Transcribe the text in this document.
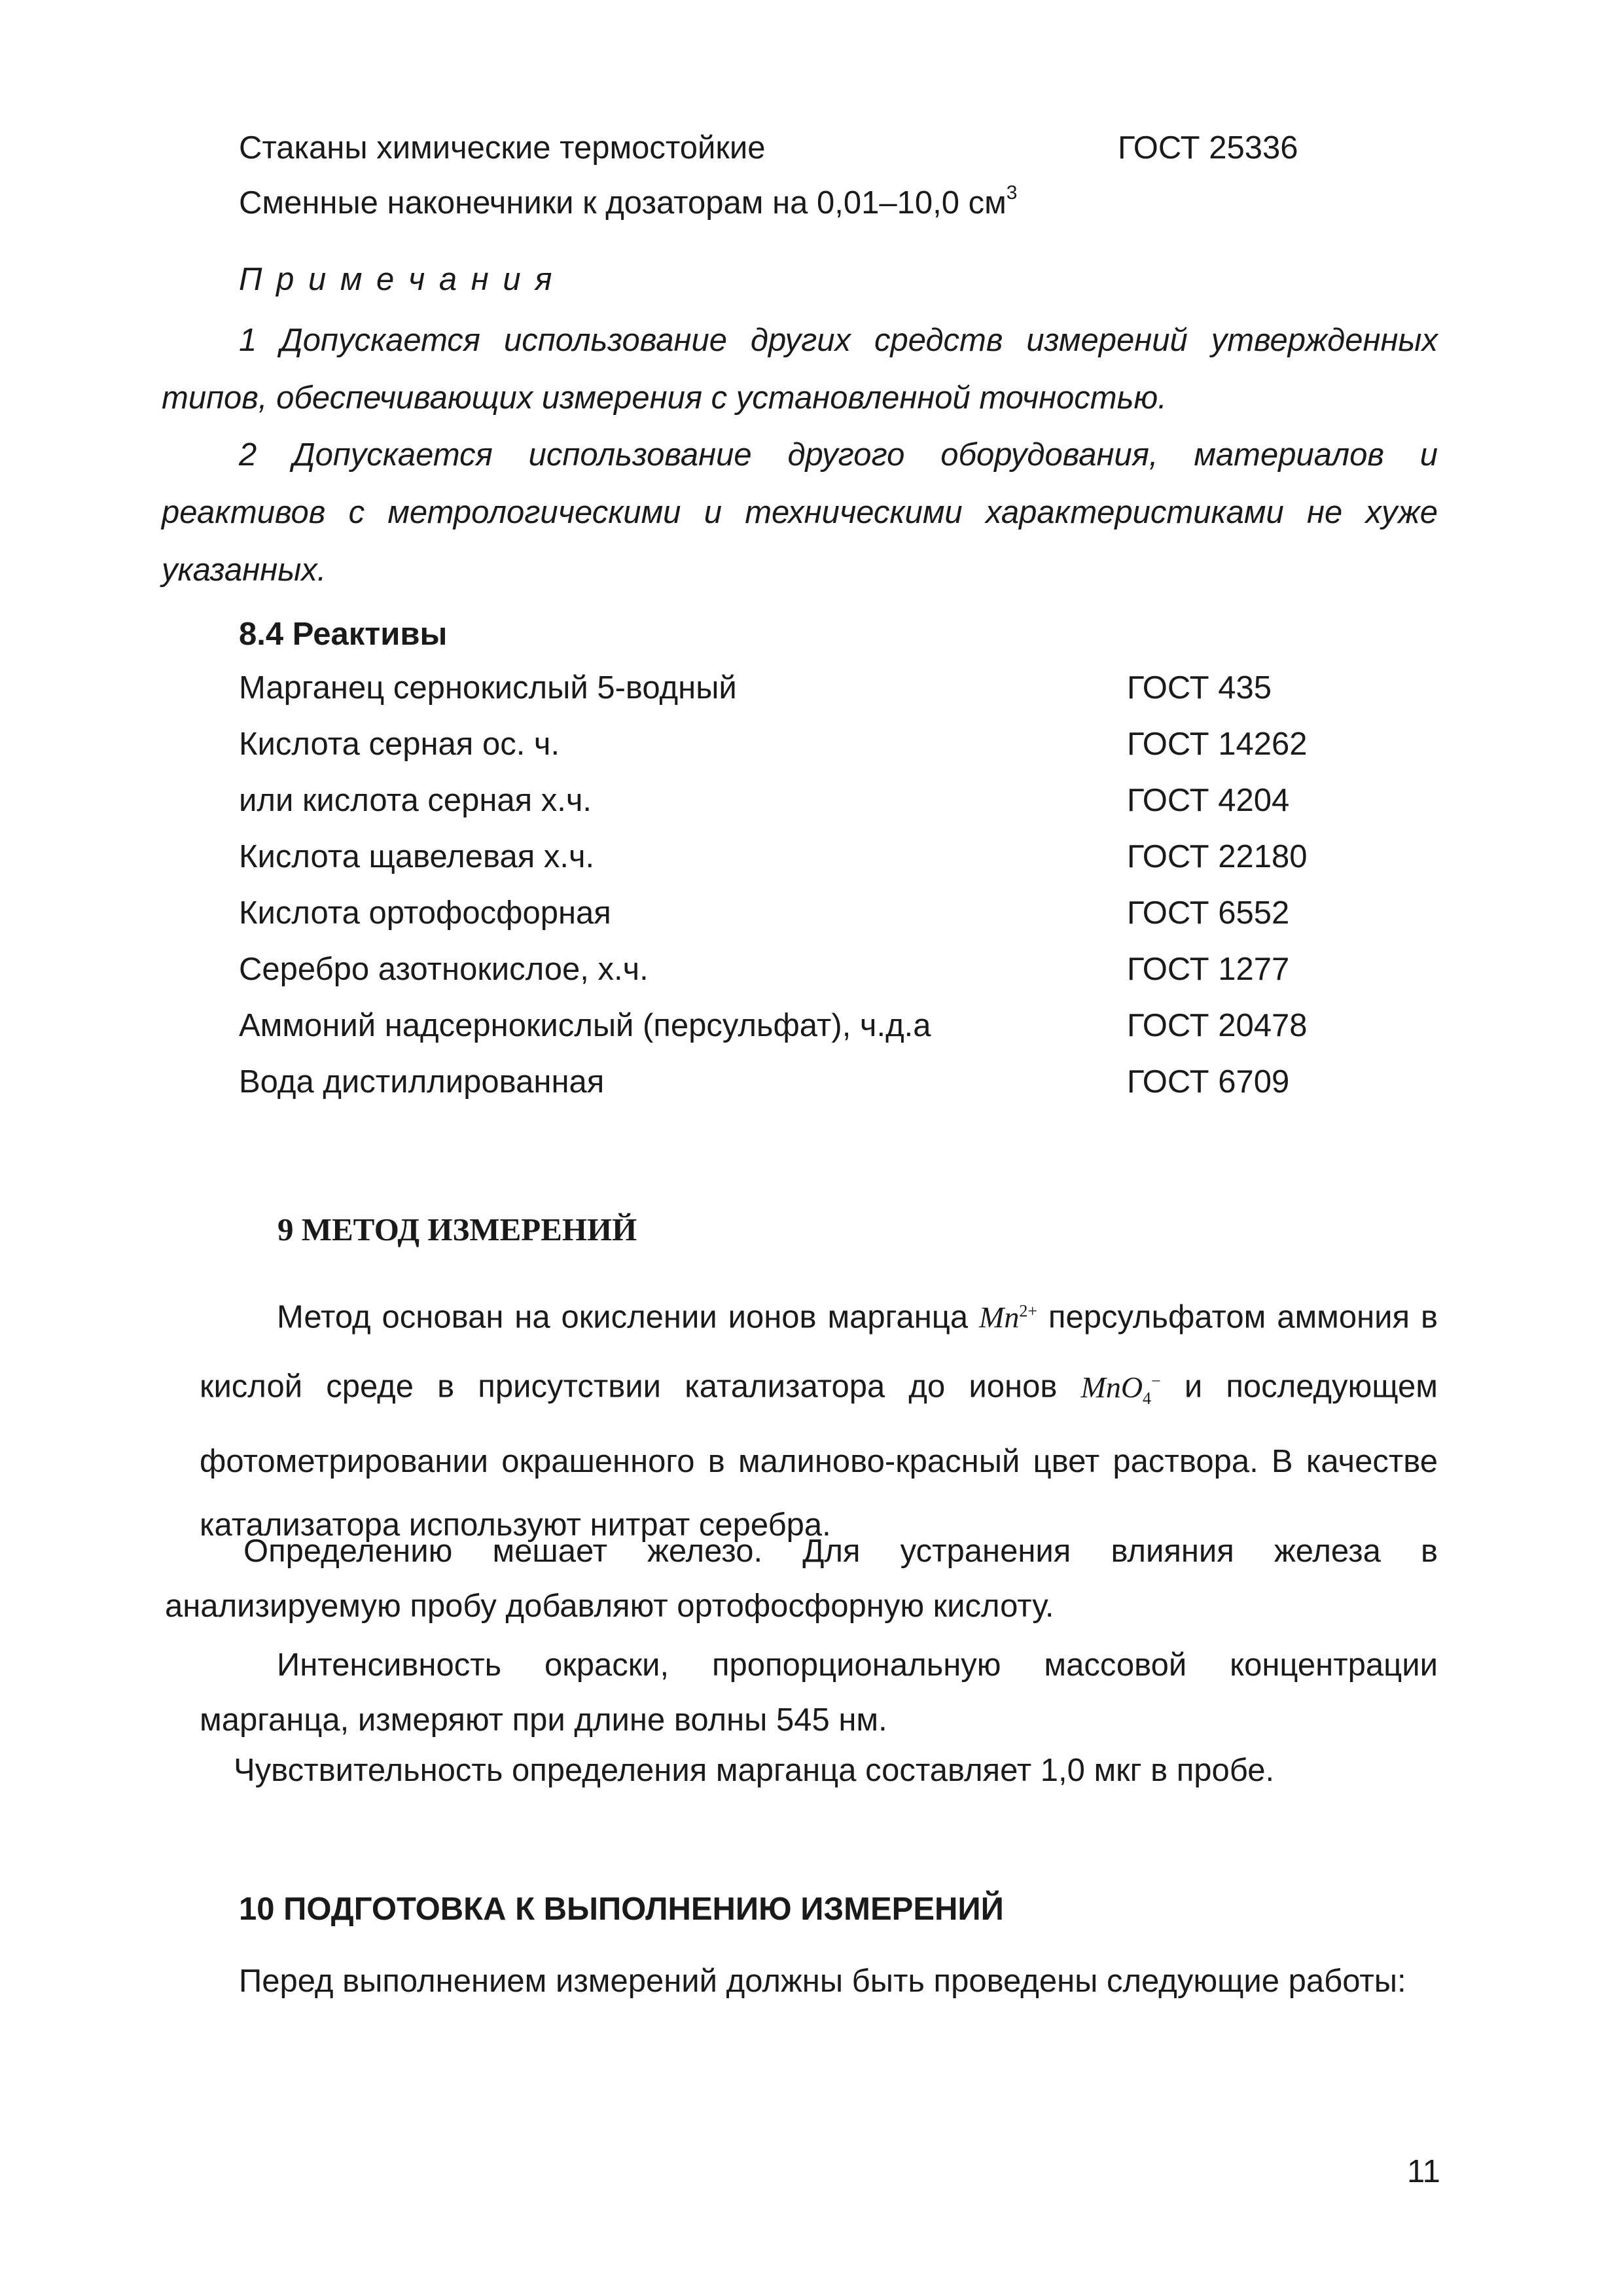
Стаканы химические термостойкие	ГОСТ 25336
Сменные наконечники к дозаторам на 0,01–10,0 $см^3$
П р и м е ч а н и я
1 Допускается использование других средств измерений утвержденных типов, обеспечивающих измерения с установленной точностью.
2 Допускается использование другого оборудования, материалов и реактивов с метрологическими и техническими характеристиками не хуже указанных.
8.4 Реактивы
Марганец сернокислый 5-водный	ГОСТ 435
Кислота серная ос. ч.	ГОСТ 14262
или кислота серная х.ч.	ГОСТ 4204
Кислота щавелевая х.ч.	ГОСТ 22180
Кислота ортофосфорная	ГОСТ 6552
Серебро азотнокислое, х.ч.	ГОСТ 1277
Аммоний надсернокислый (персульфат), ч.д.а	ГОСТ 20478
Вода дистиллированная	ГОСТ 6709
9 МЕТОД ИЗМЕРЕНИЙ
Метод основан на окислении ионов марганца $Mn^{2+}$ персульфатом аммония в кислой среде в присутствии катализатора до ионов MnO$_4$− и последующем фотометрировании окрашенного в малиново-красный цвет раствора. В качестве катализатора используют нитрат серебра.
Определению мешает железо. Для устранения влияния железа в анализируемую пробу добавляют ортофосфорную кислоту.
Интенсивность окраски, пропорциональную массовой концентрации марганца, измеряют при длине волны 545 нм.
Чувствительность определения марганца составляет 1,0 мкг в пробе.
10 ПОДГОТОВКА К ВЫПОЛНЕНИЮ ИЗМЕРЕНИЙ
Перед выполнением измерений должны быть проведены следующие работы:
11
